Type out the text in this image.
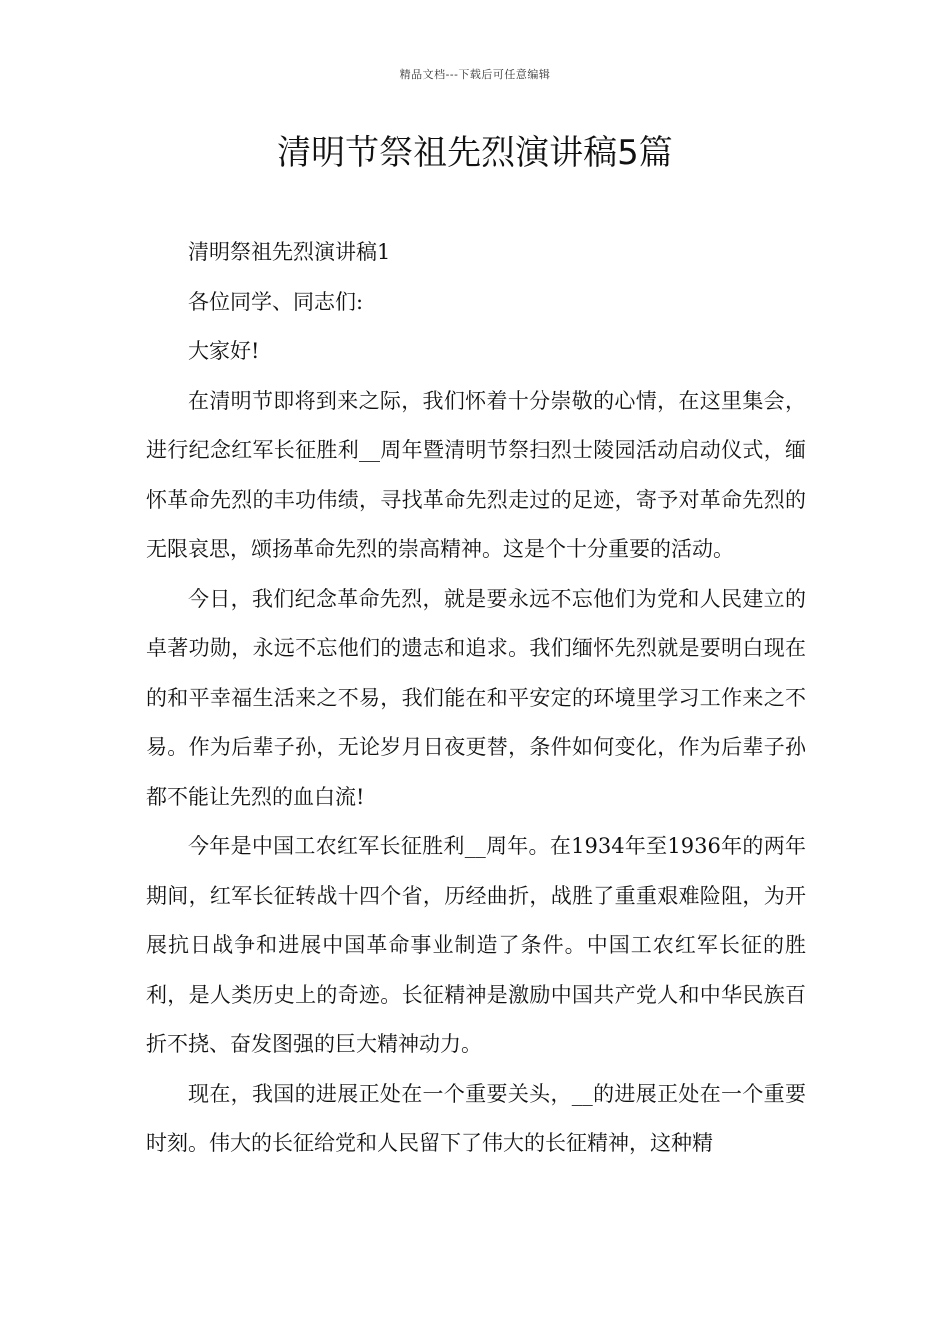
精品文档---下载后可任意编辑
清明节祭祖先烈演讲稿5篇

清明祭祖先烈演讲稿1

各位同学、同志们:

大家好!

在清明节即将到来之际，我们怀着十分崇敬的心情，在这里集会，进行纪念红军长征胜利__周年暨清明节祭扫烈士陵园活动启动仪式，缅怀革命先烈的丰功伟绩，寻找革命先烈走过的足迹，寄予对革命先烈的无限哀思，颂扬革命先烈的崇高精神。这是个十分重要的活动。

今日，我们纪念革命先烈，就是要永远不忘他们为党和人民建立的卓著功勋，永远不忘他们的遗志和追求。我们缅怀先烈就是要明白现在的和平幸福生活来之不易，我们能在和平安定的环境里学习工作来之不易。作为后辈子孙，无论岁月日夜更替，条件如何变化，作为后辈子孙都不能让先烈的血白流!

今年是中国工农红军长征胜利__周年。在1934年至1936年的两年期间，红军长征转战十四个省，历经曲折，战胜了重重艰难险阻，为开展抗日战争和进展中国革命事业制造了条件。中国工农红军长征的胜利，是人类历史上的奇迹。长征精神是激励中国共产党人和中华民族百折不挠、奋发图强的巨大精神动力。

现在，我国的进展正处在一个重要关头，__的进展正处在一个重要时刻。伟大的长征给党和人民留下了伟大的长征精神，这种精
